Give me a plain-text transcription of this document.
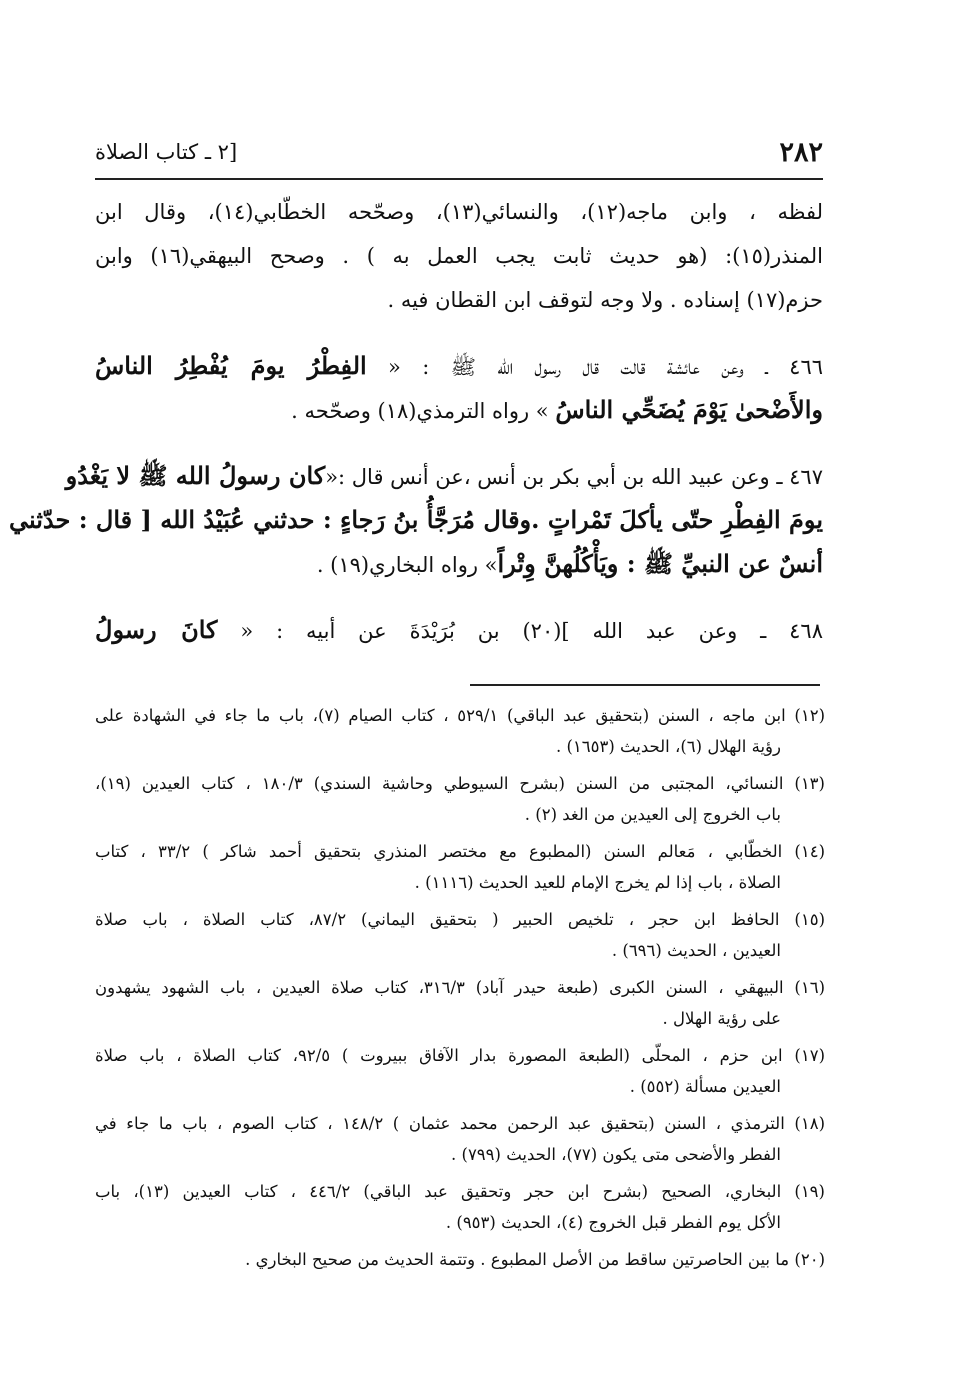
٢٨٢
[٢ ـ كتاب الصلاة
لفظه ، وابن ماجه(١٢)، والنسائي(١٣)، وصحّحه الخطّابي(١٤)، وقال ابن
المنذر(١٥): (هو حديث ثابت يجب العمل به ) . وصحح البيهقي(١٦) وابن
حزم(١٧) إسناده . ولا وجه لتوقف ابن القطان فيه .
٤٦٦ ـ وعن عائشة قالت قال رسول الله ﷺ : « الفِطْرُ يومَ يُفْطِرُ الناسُ
والأَضْحىٰ يَوْمَ يُضَحِّي الناسُ » رواه الترمذي(١٨) وصحّحه .
٤٦٧ ـ وعن عبيد الله بن أبي بكر بن أنس ،عن أنس قال :«كان رسولُ الله ﷺ لا يَغْدُو
يومَ الفِطْرِ حتّى يأكلَ تَمْراتٍ .وقال مُرَجَّأُ بنُ رَجاءٍ : حدثني عُبَيْدُ الله [ قال : حدّثني
أنسٌ عن النبيِّ ﷺ : ويَأْكُلُهنَّ وِتْراً» رواه البخاري(١٩) .
٤٦٨ ـ وعن عبد الله ](٢٠) بن بُرَيْدَةَ عن أبيه : « كانَ رسولُ
(١٢) ابن ماجه ، السنن (بتحقيق عبد الباقي) ٥٢٩/١ ، كتاب الصيام (٧)، باب ما جاء في الشهادة على
رؤية الهلال (٦)، الحديث (١٦٥٣) .
(١٣) النسائي، المجتبى من السنن (بشرح السيوطي وحاشية السندي) ١٨٠/٣ ، كتاب العيدين (١٩)،
باب الخروج إلى العيدين من الغد (٢) .
(١٤) الخطّابي ، مَعالم السنن (المطبوع مع مختصر المنذري بتحقيق أحمد شاكر ) ٣٣/٢ ، كتاب
الصلاة ، باب إذا لم يخرج الإمام للعيد الحديث (١١١٦) .
(١٥) الحافظ ابن حجر ، تلخيص الحبير ( بتحقيق اليماني) ٨٧/٢، كتاب الصلاة ، باب صلاة
العيدين ، الحديث (٦٩٦) .
(١٦) البيهقي ، السنن الكبرى (طبعة حيدر آباد) ٣١٦/٣، كتاب صلاة العيدين ، باب الشهود يشهدون
على رؤية الهلال .
(١٧) ابن حزم ، المحلّى (الطبعة المصورة بدار الآفاق ببيروت ) ٩٢/٥، كتاب الصلاة ، باب صلاة
العيدين مسألة (٥٥٢) .
(١٨) الترمذي ، السنن (بتحقيق عبد الرحمن محمد عثمان ) ١٤٨/٢ ، كتاب الصوم ، باب ما جاء في
الفطر والأضحى متى يكون (٧٧)، الحديث (٧٩٩) .
(١٩) البخاري، الصحيح (بشرح ابن حجر وتحقيق عبد الباقي) ٤٤٦/٢ ، كتاب العيدين (١٣)، باب
الأكل يوم الفطر قبل الخروج (٤)، الحديث (٩٥٣) .
(٢٠) ما بين الحاصرتين ساقط من الأصل المطبوع . وتتمة الحديث من صحيح البخاري .
